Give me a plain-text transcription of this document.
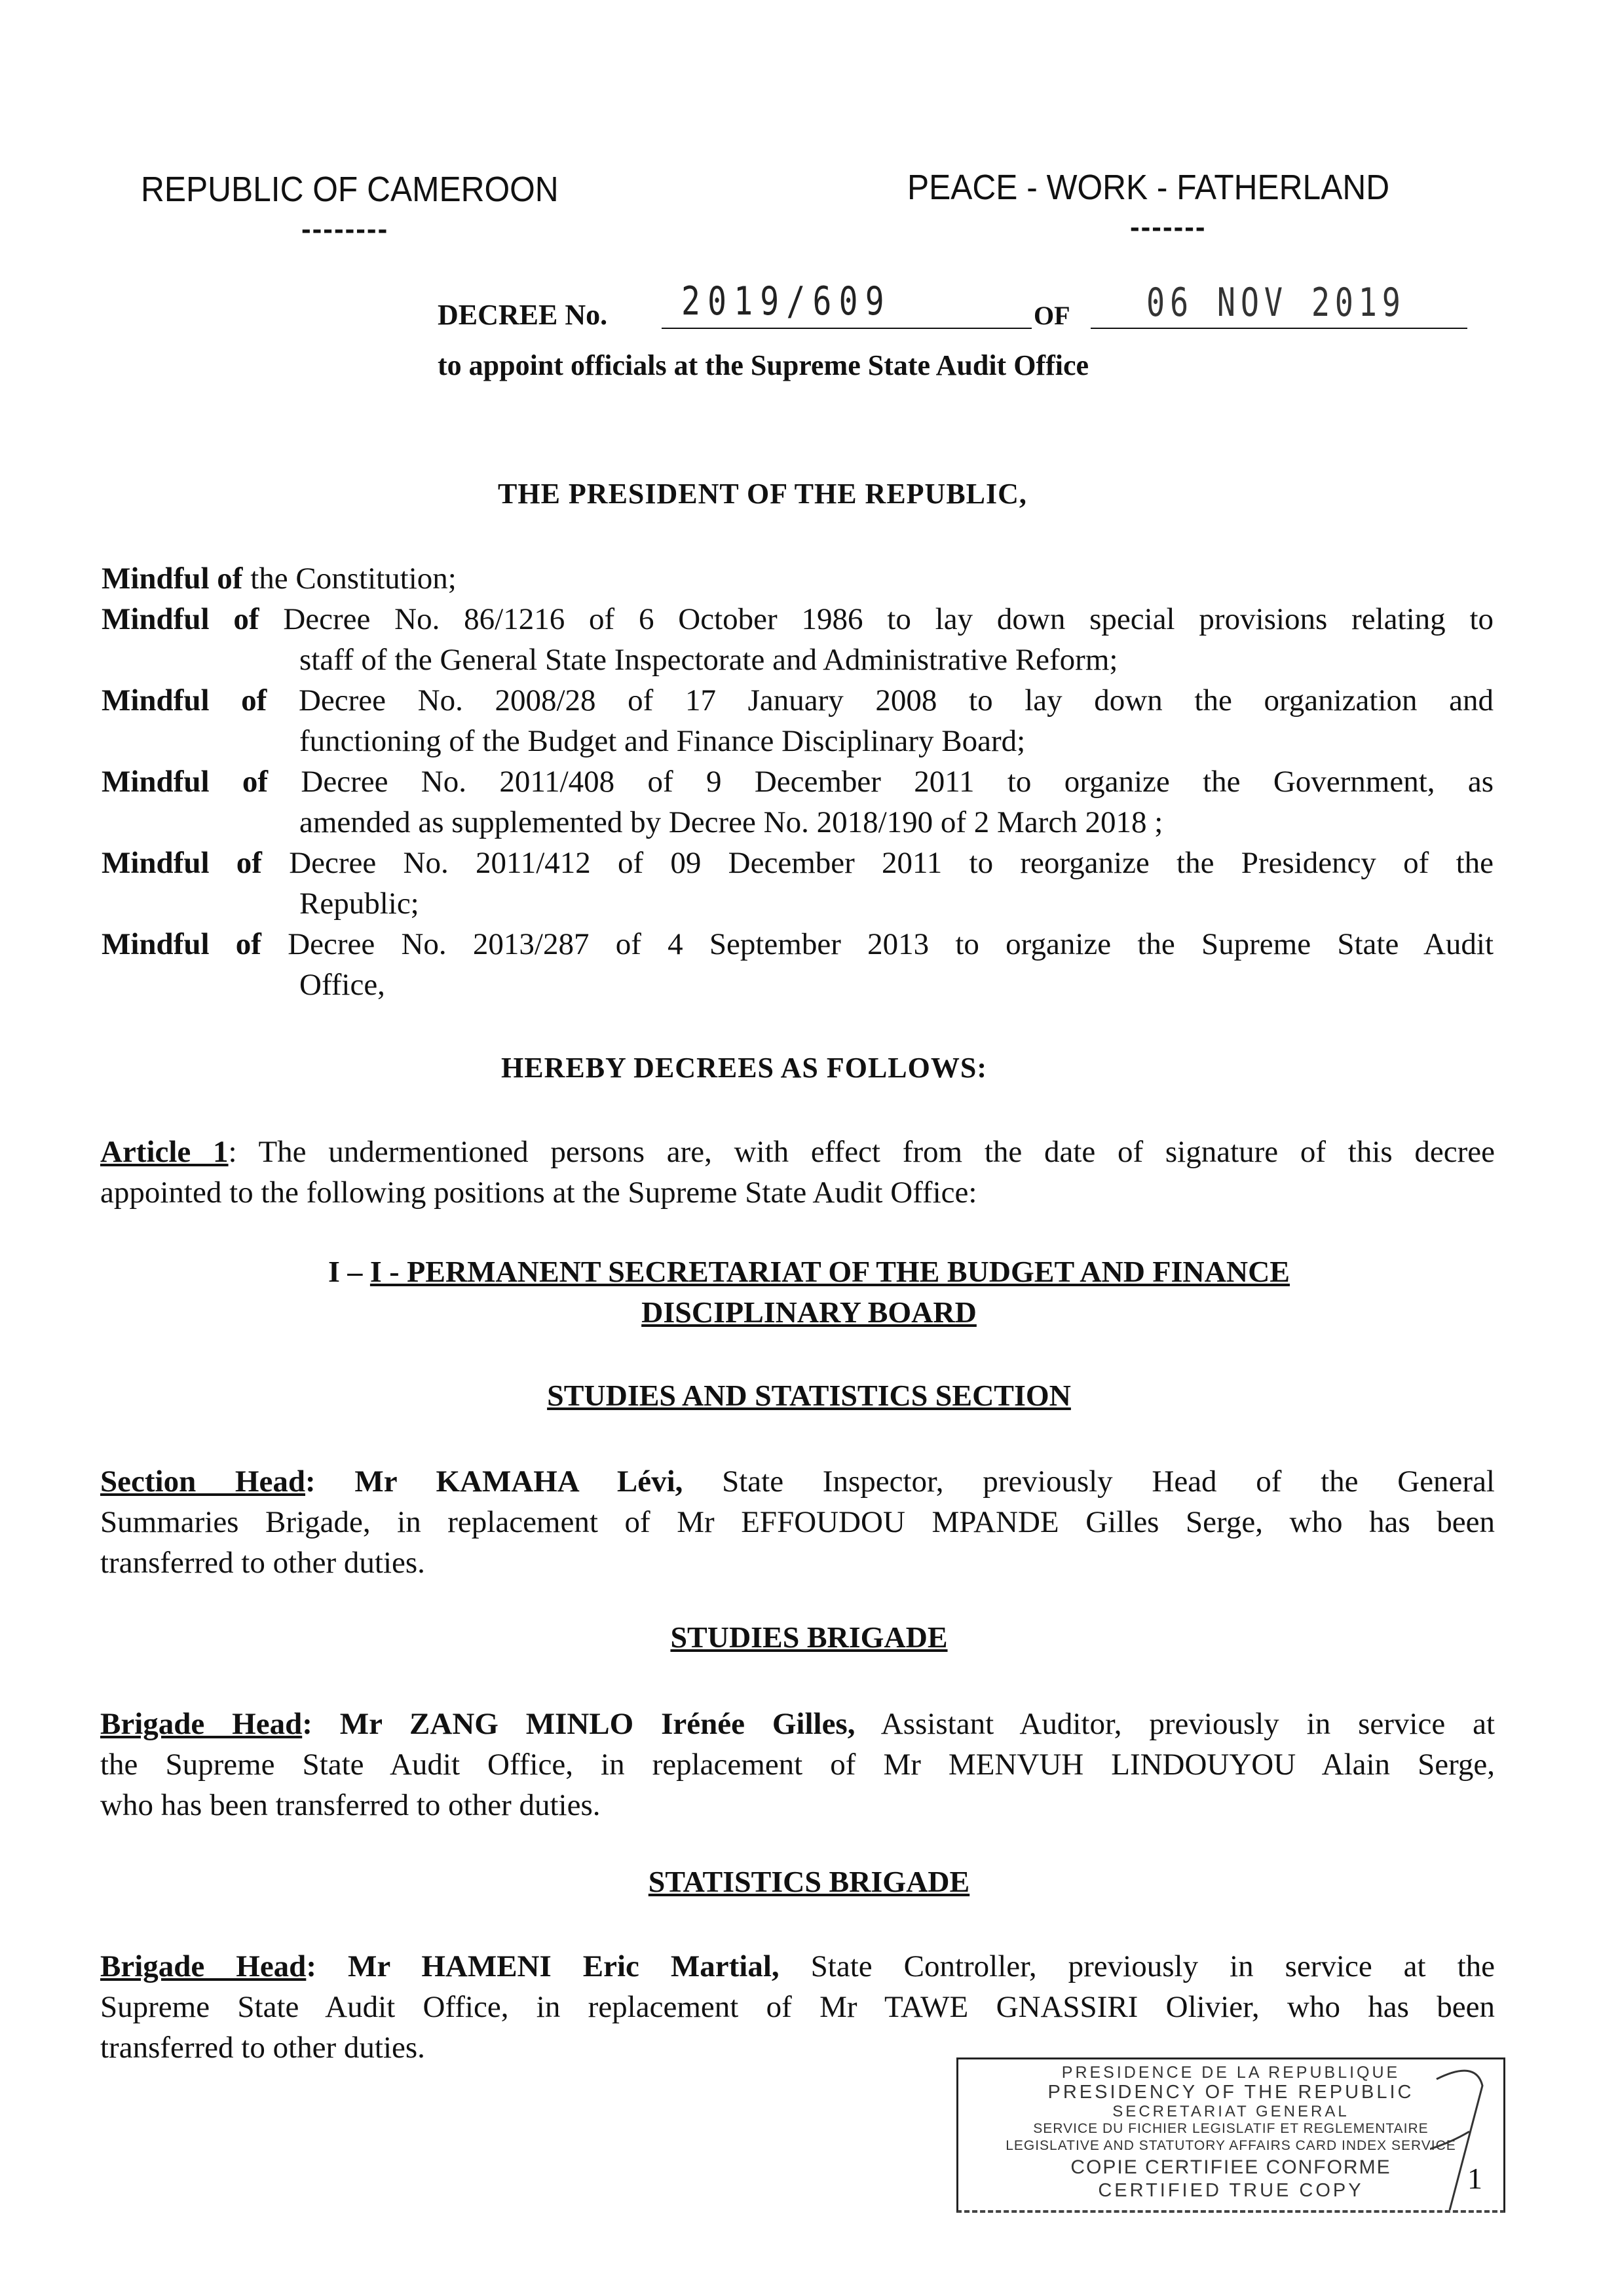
REPUBLIC OF CAMEROON
--------
PEACE - WORK - FATHERLAND
-------
DECREE No. 2019/609	OF 06 NOV 2019
to appoint officials at the Supreme State Audit Office
THE PRESIDENT OF THE REPUBLIC,
Mindful of the Constitution;
Mindful of Decree No. 86/1216 of 6 October 1986 to lay down special provisions relating to
staff of the General State Inspectorate and Administrative Reform;
Mindful of Decree No. 2008/28 of 17 January 2008 to lay down the organization and
functioning of the Budget and Finance Disciplinary Board;
Mindful of Decree No. 2011/408 of 9 December 2011 to organize the Government, as
amended as supplemented by Decree No. 2018/190 of 2 March 2018 ;
Mindful of Decree No. 2011/412 of 09 December 2011 to reorganize the Presidency of the
Republic;
Mindful of Decree No. 2013/287 of 4 September 2013 to organize the Supreme State Audit
Office,
HEREBY DECREES AS FOLLOWS:
Article 1: The undermentioned persons are, with effect from the date of signature of this decree
appointed to the following positions at the Supreme State Audit Office:
I – I - PERMANENT SECRETARIAT OF THE BUDGET AND FINANCE
DISCIPLINARY BOARD
STUDIES AND STATISTICS SECTION
Section Head: Mr KAMAHA Lévi, State Inspector, previously Head of the General
Summaries Brigade, in replacement of Mr EFFOUDOU MPANDE Gilles Serge, who has been
transferred to other duties.
STUDIES BRIGADE
Brigade Head: Mr ZANG MINLO Irénée Gilles, Assistant Auditor, previously in service at
the Supreme State Audit Office, in replacement of Mr MENVUH LINDOUYOU Alain Serge,
who has been transferred to other duties.
STATISTICS BRIGADE
Brigade Head: Mr HAMENI Eric Martial, State Controller, previously in service at the
Supreme State Audit Office, in replacement of Mr TAWE GNASSIRI Olivier, who has been
transferred to other duties.
PRESIDENCE DE LA REPUBLIQUE
PRESIDENCY OF THE REPUBLIC
SECRETARIAT GENERAL
SERVICE DU FICHIER LEGISLATIF ET REGLEMENTAIRE
LEGISLATIVE AND STATUTORY AFFAIRS CARD INDEX SERVICE
COPIE CERTIFIEE CONFORME
CERTIFIED TRUE COPY	1
